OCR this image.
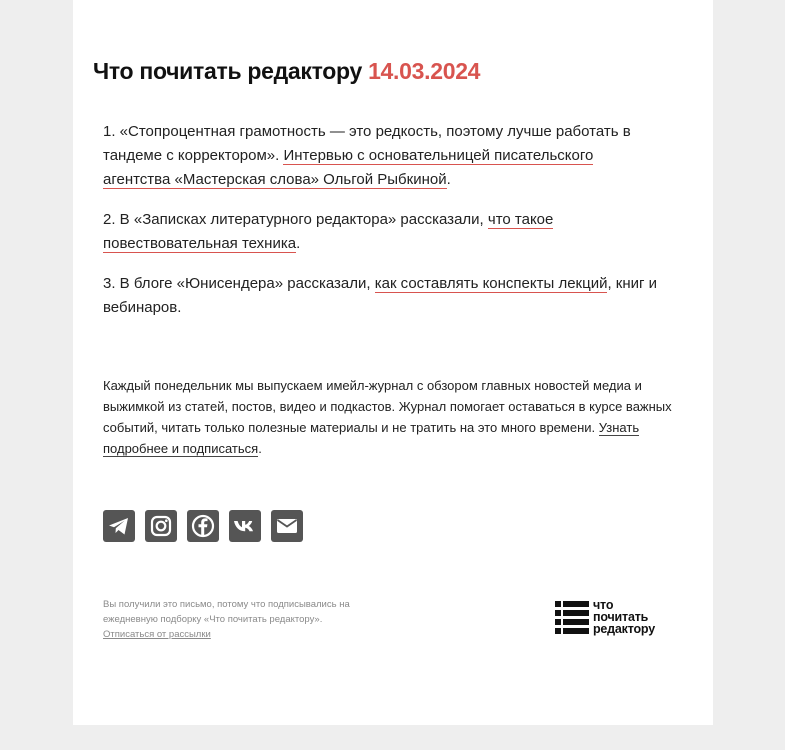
Что почитать редактору 14.03.2024

1. «Стопроцентная грамотность — это редкость, поэтому лучше работать в тандеме с корректором». Интервью с основательницей писательского агентства «Мастерская слова» Ольгой Рыбкиной.

2. В «Записках литературного редактора» рассказали, что такое повествовательная техника.

3. В блоге «Юнисендера» рассказали, как составлять конспекты лекций, книг и вебинаров.

Каждый понедельник мы выпускаем имейл-журнал с обзором главных новостей медиа и выжимкой из статей, постов, видео и подкастов. Журнал помогает оставаться в курсе важных событий, читать только полезные материалы и не тратить на это много времени. Узнать подробнее и подписаться.

Вы получили это письмо, потому что подписывались на ежедневную подборку «Что почитать редактору».
Отписаться от рассылки

что
почитать
редактору
